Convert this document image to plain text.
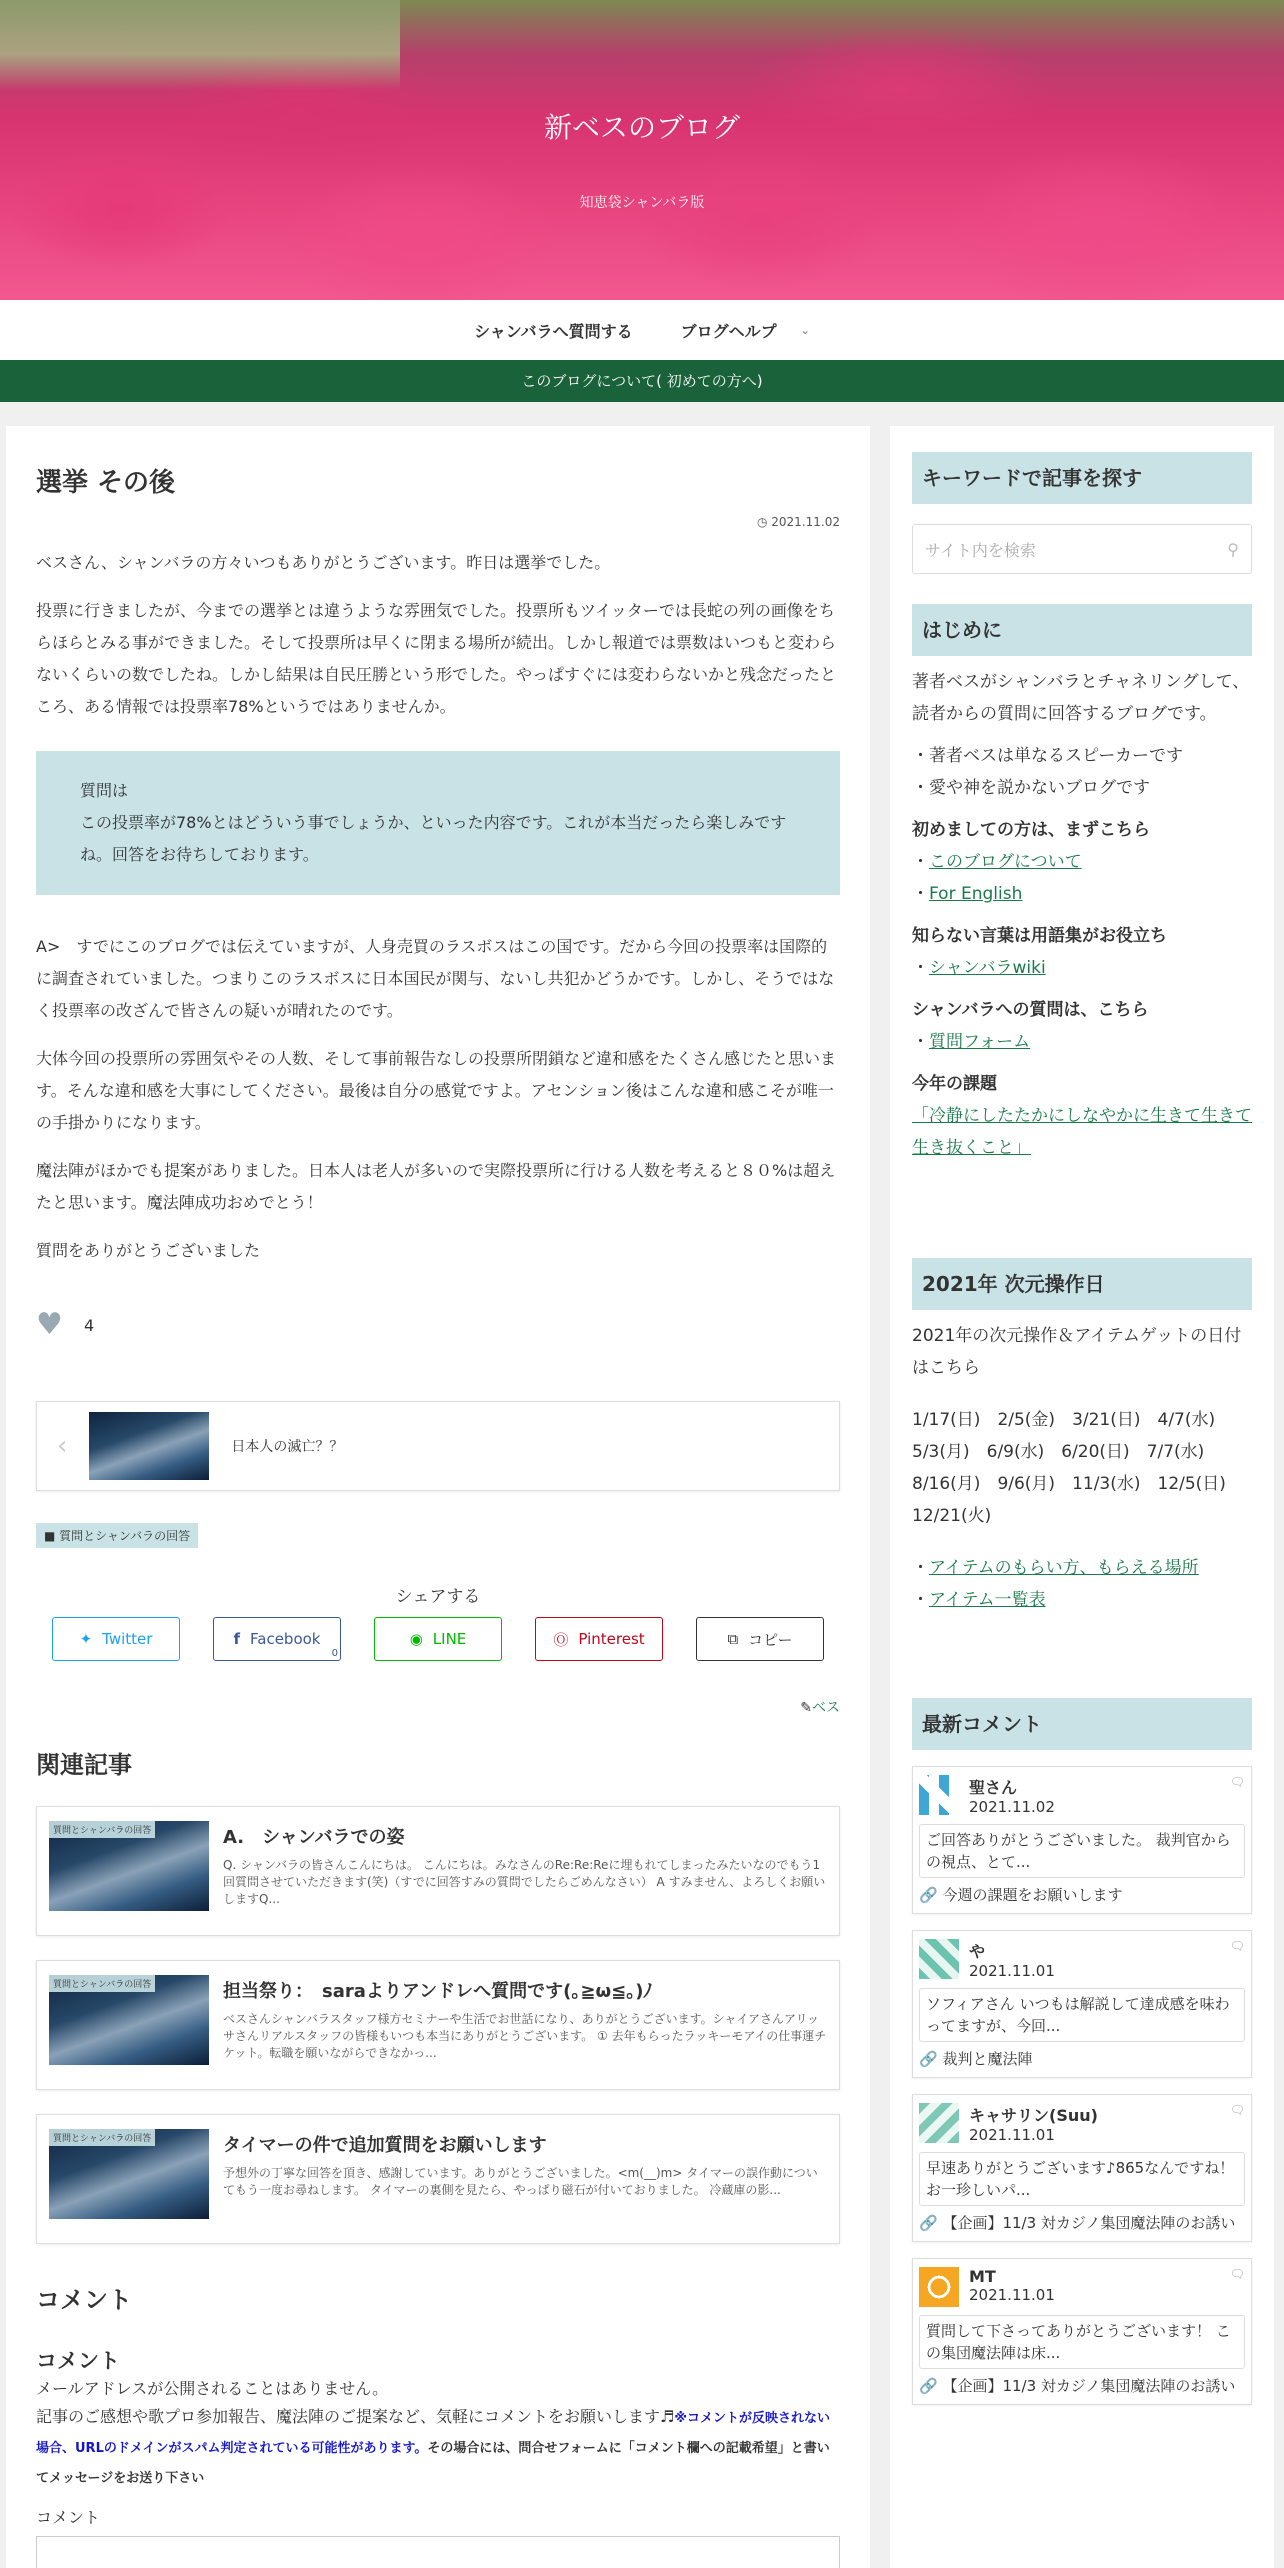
新ベスのブログ
知恵袋シャンバラ版
シャンバラへ質問する	ブログヘルプ ⌄
このブログについて( 初めての方へ)
選挙 その後
◷ 2021.11.02
ベスさん、シャンバラの方々いつもありがとうございます。昨日は選挙でした。
投票に行きましたが、今までの選挙とは違うような雰囲気でした。投票所もツイッターでは長蛇の列の画像をちらほらとみる事ができました。そして投票所は早くに閉まる場所が続出。しかし報道では票数はいつもと変わらないくらいの数でしたね。しかし結果は自民圧勝という形でした。やっぱすぐには変わらないかと残念だったところ、ある情報では投票率78%というではありませんか。
質問は
この投票率が78%とはどういう事でしょうか、といった内容です。これが本当だったら楽しみですね。回答をお待ちしております。
A>　すでにこのブログでは伝えていますが、人身売買のラスボスはこの国です。だから今回の投票率は国際的に調査されていました。つまりこのラスボスに日本国民が関与、ないし共犯かどうかです。しかし、そうではなく投票率の改ざんで皆さんの疑いが晴れたのです。
大体今回の投票所の雰囲気やその人数、そして事前報告なしの投票所閉鎖など違和感をたくさん感じたと思います。そんな違和感を大事にしてください。最後は自分の感覚ですよ。アセンション後はこんな違和感こそが唯一の手掛かりになります。
魔法陣がほかでも提案がありました。日本人は老人が多いので実際投票所に行ける人数を考えると８０%は超えたと思います。魔法陣成功おめでとう！
質問をありがとうございました
♥ 4
‹	日本人の滅亡？？
■ 質問とシャンバラの回答
シェアする
✦ Twitter	f Facebook
0
◉ LINE	Ⓞ Pinterest	⧉ コピー
✎ベス
関連記事
質問とシャンバラの回答	A.　シャンバラでの姿
Q. シャンバラの皆さんこんにちは。 こんにちは。みなさんのRe:Re:Reに埋もれてしまったみたいなのでもう1回質問させていただきます(笑)（すでに回答すみの質問でしたらごめんなさい） A すみません、よろしくお願いしますQ...
質問とシャンバラの回答	担当祭り：　saraよりアンドレへ質問です(｡≧ω≦｡)ﾉ
ベスさんシャンバラスタッフ様方セミナーや生活でお世話になり、ありがとうございます。シャイアさんアリッサさんリアルスタッフの皆様もいつも本当にありがとうございます。 ① 去年もらったラッキーモアイの仕事運チケット。転職を願いながらできなかっ...
質問とシャンバラの回答	タイマーの件で追加質問をお願いします
予想外の丁寧な回答を頂き、感謝しています。ありがとうございました。<m(__)m> タイマーの誤作動についてもう一度お尋ねします。 タイマーの裏側を見たら、やっぱり磁石が付いておりました。 冷蔵庫の影...
コメント
コメント
メールアドレスが公開されることはありません。
記事のご感想や歌プロ参加報告、魔法陣のご提案など、気軽にコメントをお願いします♬※コメントが反映されない場合、URLのドメインがスパム判定されている可能性があります。その場合には、問合せフォームに「コメント欄への記載希望」と書いてメッセージをお送り下さい
コメント
キーワードで記事を探す
サイト内を検索	⚲
はじめに
著者ベスがシャンバラとチャネリングして、読者からの質問に回答するブログです。
・著者ベスは単なるスピーカーです
・愛や神を説かないブログです
初めましての方は、まずこちら
・このブログについて
・For English
知らない言葉は用語集がお役立ち
・シャンバラwiki
シャンバラへの質問は、こちら
・質問フォーム
今年の課題
「冷静にしたたかにしなやかに生きて生きて生き抜くこと」
2021年 次元操作日
2021年の次元操作＆アイテムゲットの日付はこちら
1/17(日)　2/5(金)　3/21(日)　4/7(水)
5/3(月)　6/9(水)　6/20(日)　7/7(水)
8/16(月)　9/6(月)　11/3(水)　12/5(日)
12/21(火)
・アイテムのもらい方、もらえる場所
・アイテム一覧表
最新コメント
聖さん
2021.11.02
🗨
ご回答ありがとうございました。 裁判官からの視点、とて...
🔗 今週の課題をお願いします
や
2021.11.01
🗨
ソフィアさん いつもは解説して達成感を味わってますが、今回...
🔗 裁判と魔法陣
キャサリン(Suu)
2021.11.01
🗨
早速ありがとうございます♪865なんですね！ お一珍しいパ...
🔗 【企画】11/3 対カジノ集団魔法陣のお誘い
MT
2021.11.01
🗨
質問して下さってありがとうございます！ この集団魔法陣は床...
🔗 【企画】11/3 対カジノ集団魔法陣のお誘い
